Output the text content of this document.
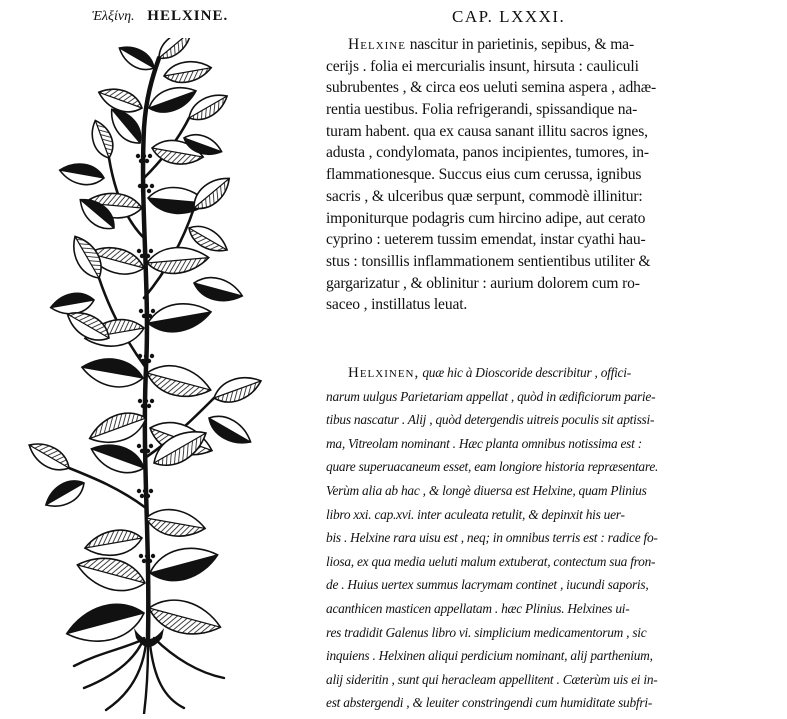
Ἑλξίνη. HELXINE.	CAP. LXXXI.
Helxine nascitur in parietinis, sepibus, & ma-
cerijs . folia ei mercurialis insunt, hirsuta : cauliculi
subrubentes , & circa eos ueluti semina aspera , adhæ-
rentia uestibus. Folia refrigerandi, spissandique na-
turam habent. qua ex causa sanant illitu sacros ignes,
adusta , condylomata, panos incipientes, tumores, in-
flammationesque. Succus eius cum cerussa, ignibus
sacris , & ulceribus quæ serpunt, commodè illinitur:
imponiturque podagris cum hircino adipe, aut cerato
cyprino : ueterem tussim emendat, instar cyathi hau-
stus : tonsillis inflammationem sentientibus utiliter &
gargarizatur , & oblinitur : aurium dolorem cum ro-
saceo , instillatus leuat.
Helxinen, quæ hic à Dioscoride describitur , offici-
narum uulgus Parietariam appellat , quòd in ædificiorum parie-
tibus nascatur . Alij , quòd detergendis uitreis poculis sit aptissi-
ma, Vitreolam nominant . Hæc planta omnibus notissima est :
quare superuacaneum esset, eam longiore historia repræsentare.
Verùm alia ab hac , & longè diuersa est Helxine, quam Plinius
libro xxi. cap.xvi. inter aculeata retulit, & depinxit his uer-
bis . Helxine rara uisu est , neq; in omnibus terris est : radice fo-
liosa, ex qua media ueluti malum extuberat, contectum sua fron-
de . Huius uertex summus lacrymam continet , iucundi saporis,
acanthicen masticen appellatam . hæc Plinius. Helxines ui-
res tradidit Galenus libro vi. simplicium medicamentorum , sic
inquiens . Helxinen aliqui perdicium nominant, alij parthenium,
alij sideritin , sunt qui heracleam appellitent . Cæterùm uis ei in-
est abstergendi , & leuiter constringendi cum humiditate subfri-
